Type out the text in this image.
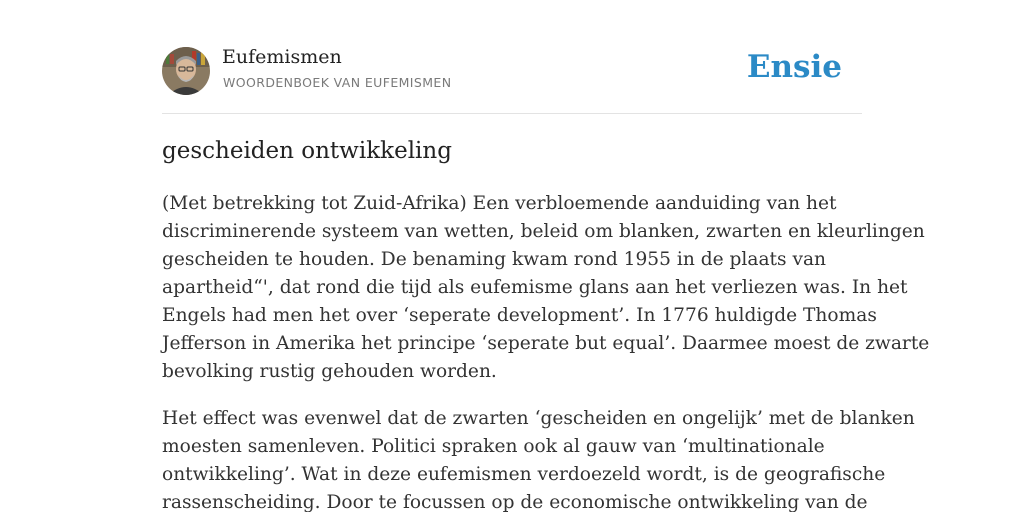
Eufemismen
WOORDENBOEK VAN EUFEMISMEN	Ensie
gescheiden ontwikkeling

(Met betrekking tot Zuid-Afrika) Een verbloemende aanduiding van het
discriminerende systeem van wetten, beleid om blanken, zwarten en kleurlingen
gescheiden te houden. De benaming kwam rond 1955 in de plaats van
apartheid“', dat rond die tijd als eufemisme glans aan het verliezen was. In het
Engels had men het over ‘seperate development’. In 1776 huldigde Thomas
Jefferson in Amerika het principe ‘seperate but equal’. Daarmee moest de zwarte
bevolking rustig gehouden worden.

Het effect was evenwel dat de zwarten ‘gescheiden en ongelijk’ met de blanken
moesten samenleven. Politici spraken ook al gauw van ‘multinationale
ontwikkeling’. Wat in deze eufemismen verdoezeld wordt, is de geografische
rassenscheiding. Door te focussen op de economische ontwikkeling van de
